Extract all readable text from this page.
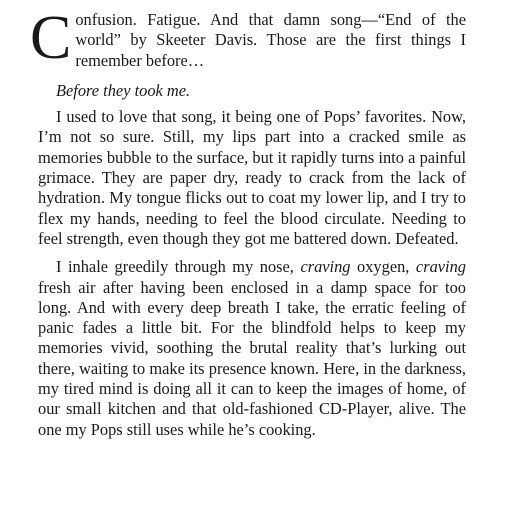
Confusion. Fatigue. And that damn song—“End of the world” by Skeeter Davis. Those are the first things I remember before…

Before they took me.

I used to love that song, it being one of Pops’ favorites. Now, I’m not so sure. Still, my lips part into a cracked smile as memories bubble to the surface, but it rapidly turns into a painful grimace. They are paper dry, ready to crack from the lack of hydration. My tongue flicks out to coat my lower lip, and I try to flex my hands, needing to feel the blood circulate. Needing to feel strength, even though they got me battered down. Defeated.

I inhale greedily through my nose, craving oxygen, craving fresh air after having been enclosed in a damp space for too long. And with every deep breath I take, the erratic feeling of panic fades a little bit. For the blindfold helps to keep my memories vivid, soothing the brutal reality that’s lurking out there, waiting to make its presence known. Here, in the darkness, my tired mind is doing all it can to keep the images of home, of our small kitchen and that old-fashioned CD-Player, alive. The one my Pops still uses while he’s cooking.
